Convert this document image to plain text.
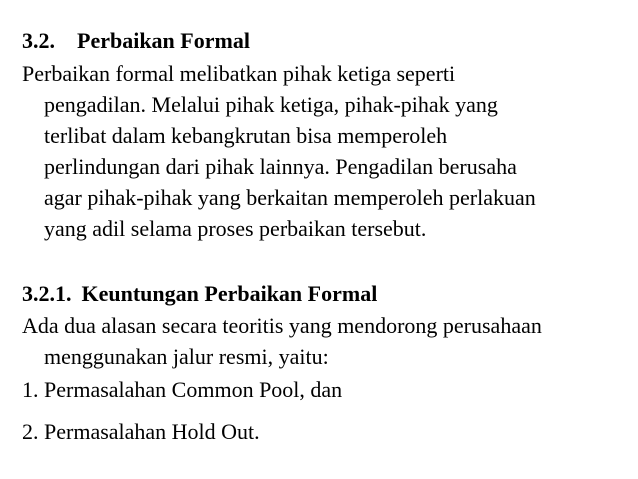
3.2. Perbaikan Formal
Perbaikan formal melibatkan pihak ketiga seperti
pengadilan. Melalui pihak ketiga, pihak-pihak yang
terlibat dalam kebangkrutan bisa memperoleh
perlindungan dari pihak lainnya. Pengadilan berusaha
agar pihak-pihak yang berkaitan memperoleh perlakuan
yang adil selama proses perbaikan tersebut.
3.2.1. Keuntungan Perbaikan Formal
Ada dua alasan secara teoritis yang mendorong perusahaan
menggunakan jalur resmi, yaitu:
1. Permasalahan Common Pool, dan
2. Permasalahan Hold Out.
